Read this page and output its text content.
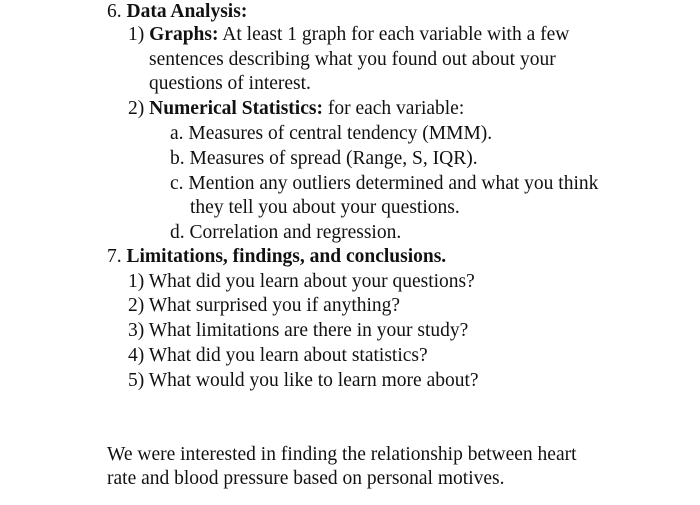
6. Data Analysis:
1) Graphs: At least 1 graph for each variable with a few
sentences describing what you found out about your
questions of interest.
2) Numerical Statistics: for each variable:
a. Measures of central tendency (MMM).
b. Measures of spread (Range, S, IQR).
c. Mention any outliers determined and what you think
they tell you about your questions.
d. Correlation and regression.
7. Limitations, findings, and conclusions.
1) What did you learn about your questions?
2) What surprised you if anything?
3) What limitations are there in your study?
4) What did you learn about statistics?
5) What would you like to learn more about?
We were interested in finding the relationship between heart
rate and blood pressure based on personal motives.
